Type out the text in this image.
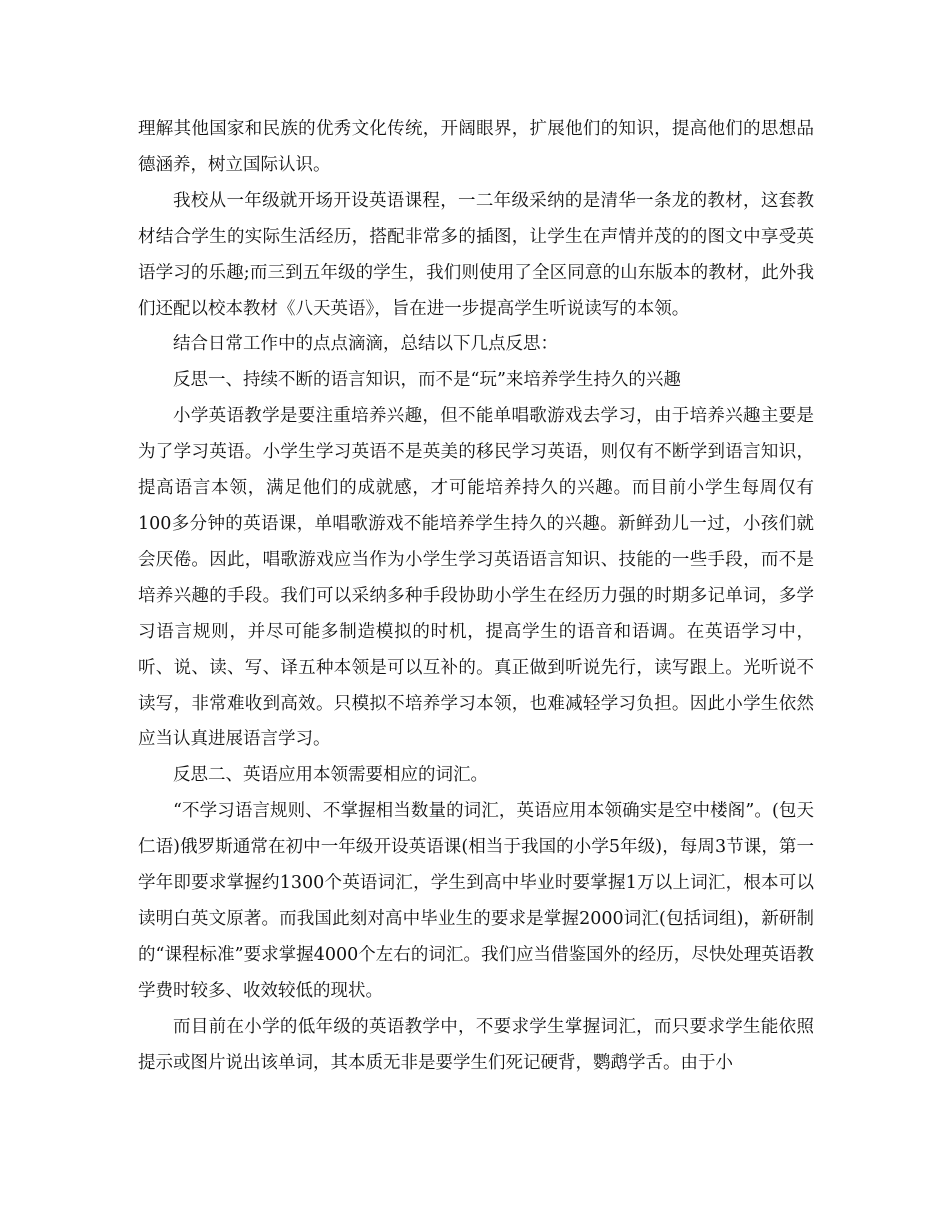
理解其他国家和民族的优秀文化传统，开阔眼界，扩展他们的知识，提高他们的思想品德涵养，树立国际认识。

我校从一年级就开场开设英语课程，一二年级采纳的是清华一条龙的教材，这套教材结合学生的实际生活经历，搭配非常多的插图，让学生在声情并茂的的图文中享受英语学习的乐趣;而三到五年级的学生，我们则使用了全区同意的山东版本的教材，此外我们还配以校本教材《八天英语》，旨在进一步提高学生听说读写的本领。

结合日常工作中的点点滴滴，总结以下几点反思：

反思一、持续不断的语言知识，而不是“玩”来培养学生持久的兴趣

小学英语教学是要注重培养兴趣，但不能单唱歌游戏去学习，由于培养兴趣主要是为了学习英语。小学生学习英语不是英美的移民学习英语，则仅有不断学到语言知识，提高语言本领，满足他们的成就感，才可能培养持久的兴趣。而目前小学生每周仅有100多分钟的英语课，单唱歌游戏不能培养学生持久的兴趣。新鲜劲儿一过，小孩们就会厌倦。因此，唱歌游戏应当作为小学生学习英语语言知识、技能的一些手段，而不是培养兴趣的手段。我们可以采纳多种手段协助小学生在经历力强的时期多记单词，多学习语言规则，并尽可能多制造模拟的时机，提高学生的语音和语调。在英语学习中，听、说、读、写、译五种本领是可以互补的。真正做到听说先行，读写跟上。光听说不读写，非常难收到高效。只模拟不培养学习本领，也难减轻学习负担。因此小学生依然应当认真进展语言学习。

反思二、英语应用本领需要相应的词汇。

“不学习语言规则、不掌握相当数量的词汇，英语应用本领确实是空中楼阁”。(包天仁语)俄罗斯通常在初中一年级开设英语课(相当于我国的小学5年级)，每周3节课，第一学年即要求掌握约1300个英语词汇，学生到高中毕业时要掌握1万以上词汇，根本可以读明白英文原著。而我国此刻对高中毕业生的要求是掌握2000词汇(包括词组)，新研制的“课程标准”要求掌握4000个左右的词汇。我们应当借鉴国外的经历，尽快处理英语教学费时较多、收效较低的现状。

而目前在小学的低年级的英语教学中，不要求学生掌握词汇，而只要求学生能依照提示或图片说出该单词，其本质无非是要学生们死记硬背，鹦鹉学舌。由于小
